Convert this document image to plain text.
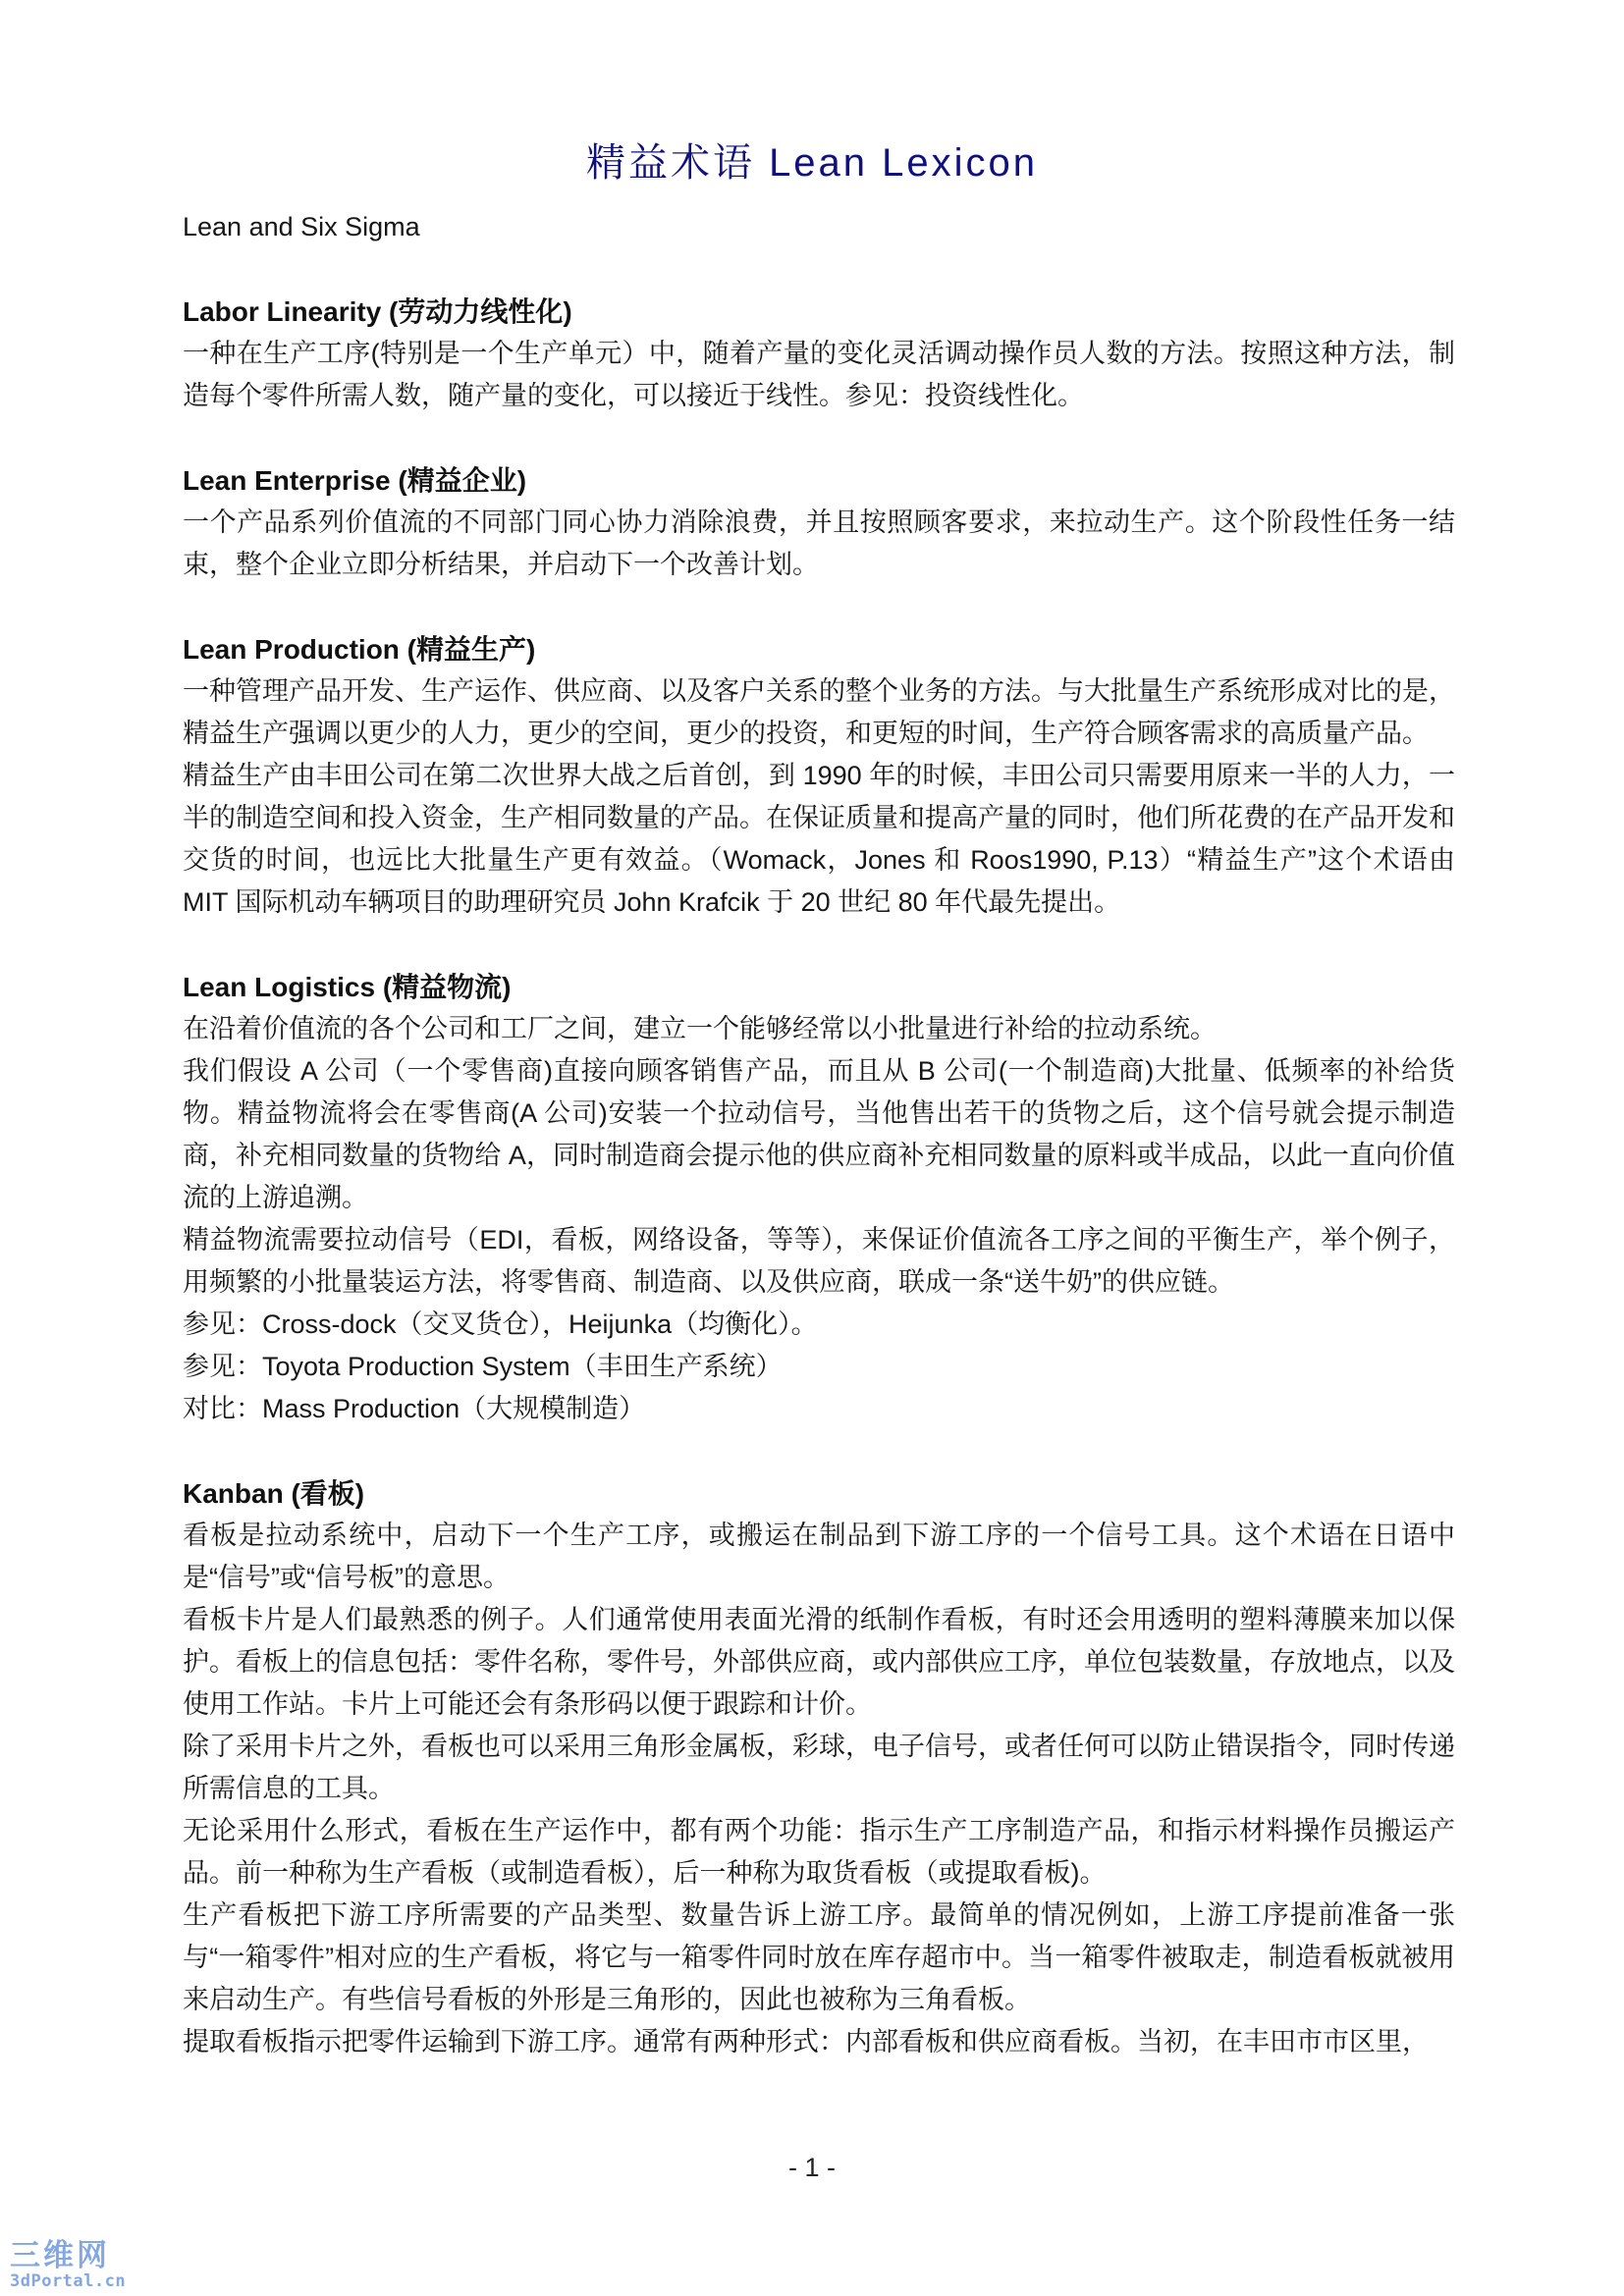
精益术语 Lean Lexicon

Lean and Six Sigma

Labor Linearity (劳动力线性化)

一种在生产工序(特别是一个生产单元）中，随着产量的变化灵活调动操作员人数的方法。按照这种方法，制造每个零件所需人数，随产量的变化，可以接近于线性。参见：投资线性化。

Lean Enterprise (精益企业)

一个产品系列价值流的不同部门同心协力消除浪费，并且按照顾客要求，来拉动生产。这个阶段性任务一结束，整个企业立即分析结果，并启动下一个改善计划。

Lean Production (精益生产)

一种管理产品开发、生产运作、供应商、以及客户关系的整个业务的方法。与大批量生产系统形成对比的是，精益生产强调以更少的人力，更少的空间，更少的投资，和更短的时间，生产符合顾客需求的高质量产品。

精益生产由丰田公司在第二次世界大战之后首创，到 1990 年的时候，丰田公司只需要用原来一半的人力，一半的制造空间和投入资金，生产相同数量的产品。在保证质量和提高产量的同时，他们所花费的在产品开发和交货的时间，也远比大批量生产更有效益。（Womack，Jones 和 Roos1990, P.13）“精益生产”这个术语由 MIT 国际机动车辆项目的助理研究员 John Krafcik 于 20 世纪 80 年代最先提出。

Lean Logistics (精益物流)

在沿着价值流的各个公司和工厂之间，建立一个能够经常以小批量进行补给的拉动系统。

我们假设 A 公司（一个零售商)直接向顾客销售产品，而且从 B 公司(一个制造商)大批量、低频率的补给货物。精益物流将会在零售商(A 公司)安装一个拉动信号，当他售出若干的货物之后，这个信号就会提示制造商，补充相同数量的货物给 A，同时制造商会提示他的供应商补充相同数量的原料或半成品，以此一直向价值流的上游追溯。

精益物流需要拉动信号（EDI，看板，网络设备，等等），来保证价值流各工序之间的平衡生产，举个例子，用频繁的小批量装运方法，将零售商、制造商、以及供应商，联成一条“送牛奶”的供应链。

参见：Cross-dock（交叉货仓），Heijunka（均衡化）。

参见：Toyota Production System（丰田生产系统）

对比：Mass Production（大规模制造）

Kanban (看板)

看板是拉动系统中，启动下一个生产工序，或搬运在制品到下游工序的一个信号工具。这个术语在日语中是“信号”或“信号板”的意思。

看板卡片是人们最熟悉的例子。人们通常使用表面光滑的纸制作看板，有时还会用透明的塑料薄膜来加以保护。看板上的信息包括：零件名称，零件号，外部供应商，或内部供应工序，单位包装数量，存放地点，以及使用工作站。卡片上可能还会有条形码以便于跟踪和计价。

除了采用卡片之外，看板也可以采用三角形金属板，彩球，电子信号，或者任何可以防止错误指令，同时传递所需信息的工具。

无论采用什么形式，看板在生产运作中，都有两个功能：指示生产工序制造产品，和指示材料操作员搬运产品。前一种称为生产看板（或制造看板），后一种称为取货看板（或提取看板)。

生产看板把下游工序所需要的产品类型、数量告诉上游工序。最简单的情况例如，上游工序提前准备一张与“一箱零件”相对应的生产看板，将它与一箱零件同时放在库存超市中。当一箱零件被取走，制造看板就被用来启动生产。有些信号看板的外形是三角形的，因此也被称为三角看板。

提取看板指示把零件运输到下游工序。通常有两种形式：内部看板和供应商看板。当初，在丰田市市区里，

- 1 -
三维网
3dPortal.cn
